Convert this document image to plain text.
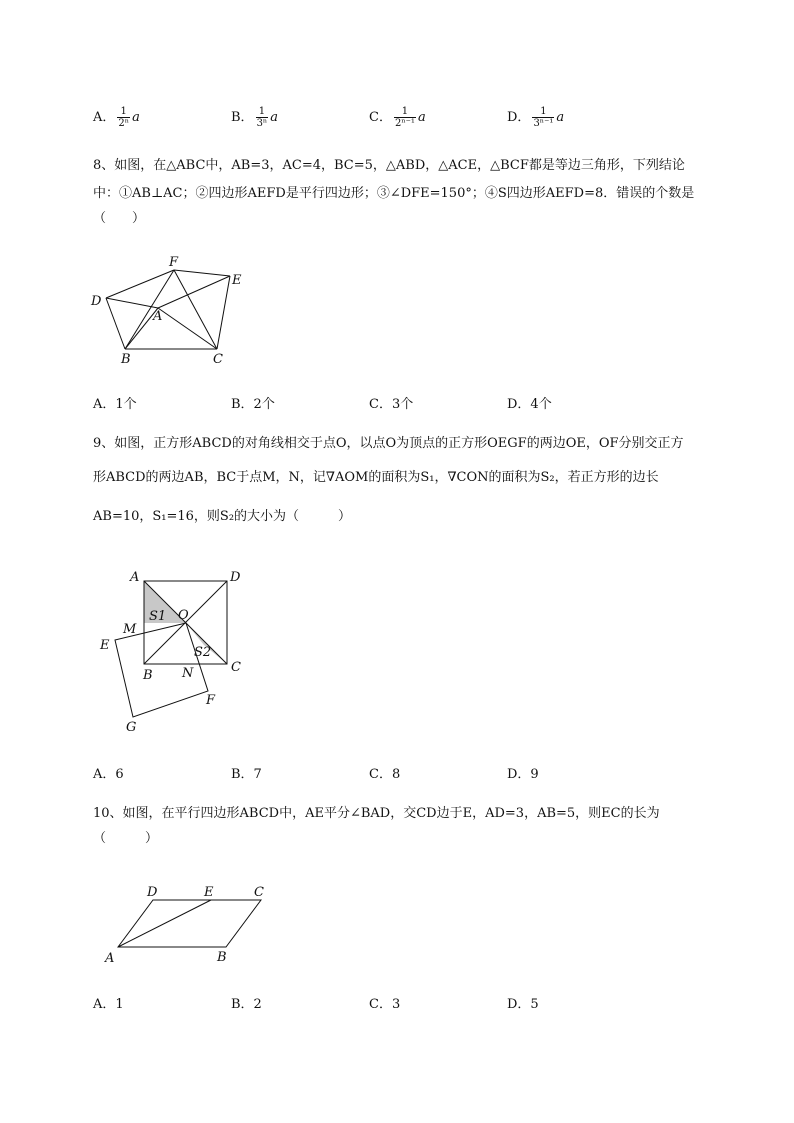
A． $\frac{1}{\text{2ⁿ}}$ a	B． $\frac{1}{\text{3ⁿ}}$ a	C． $\frac{1}{\text{2ⁿ⁻¹}}$ a	D． $\frac{1}{\text{3ⁿ⁻¹}}$ a
8、如图，在△ABC中，AB=3，AC=4，BC=5，△ABD，△ACE，△BCF都是等边三角形，下列结论
中：①AB⊥AC；②四边形AEFD是平行四边形；③∠DFE=150°；④S四边形AEFD=8．错误的个数是
（　　）
F
E
D
A
B	C
A．1个	B．2个	C．3个	D．4个
9、如图，正方形ABCD的对角线相交于点O，以点O为顶点的正方形OEGF的两边OE，OF分别交正方
形ABCD的两边AB，BC于点M，N，记∇AOM的面积为S₁，∇CON的面积为S₂，若正方形的边长
AB=10，S₁=16，则S₂的大小为（　　　）
A	D
S1 O
M
E	S2
C
B N
F
G
A．6	B．7	C．8	D．9
10、如图，在平行四边形ABCD中，AE平分∠BAD，交CD边于E，AD=3，AB=5，则EC的长为
（　　　）
D	E	C
A	B
A．1	B．2	C．3	D．5
